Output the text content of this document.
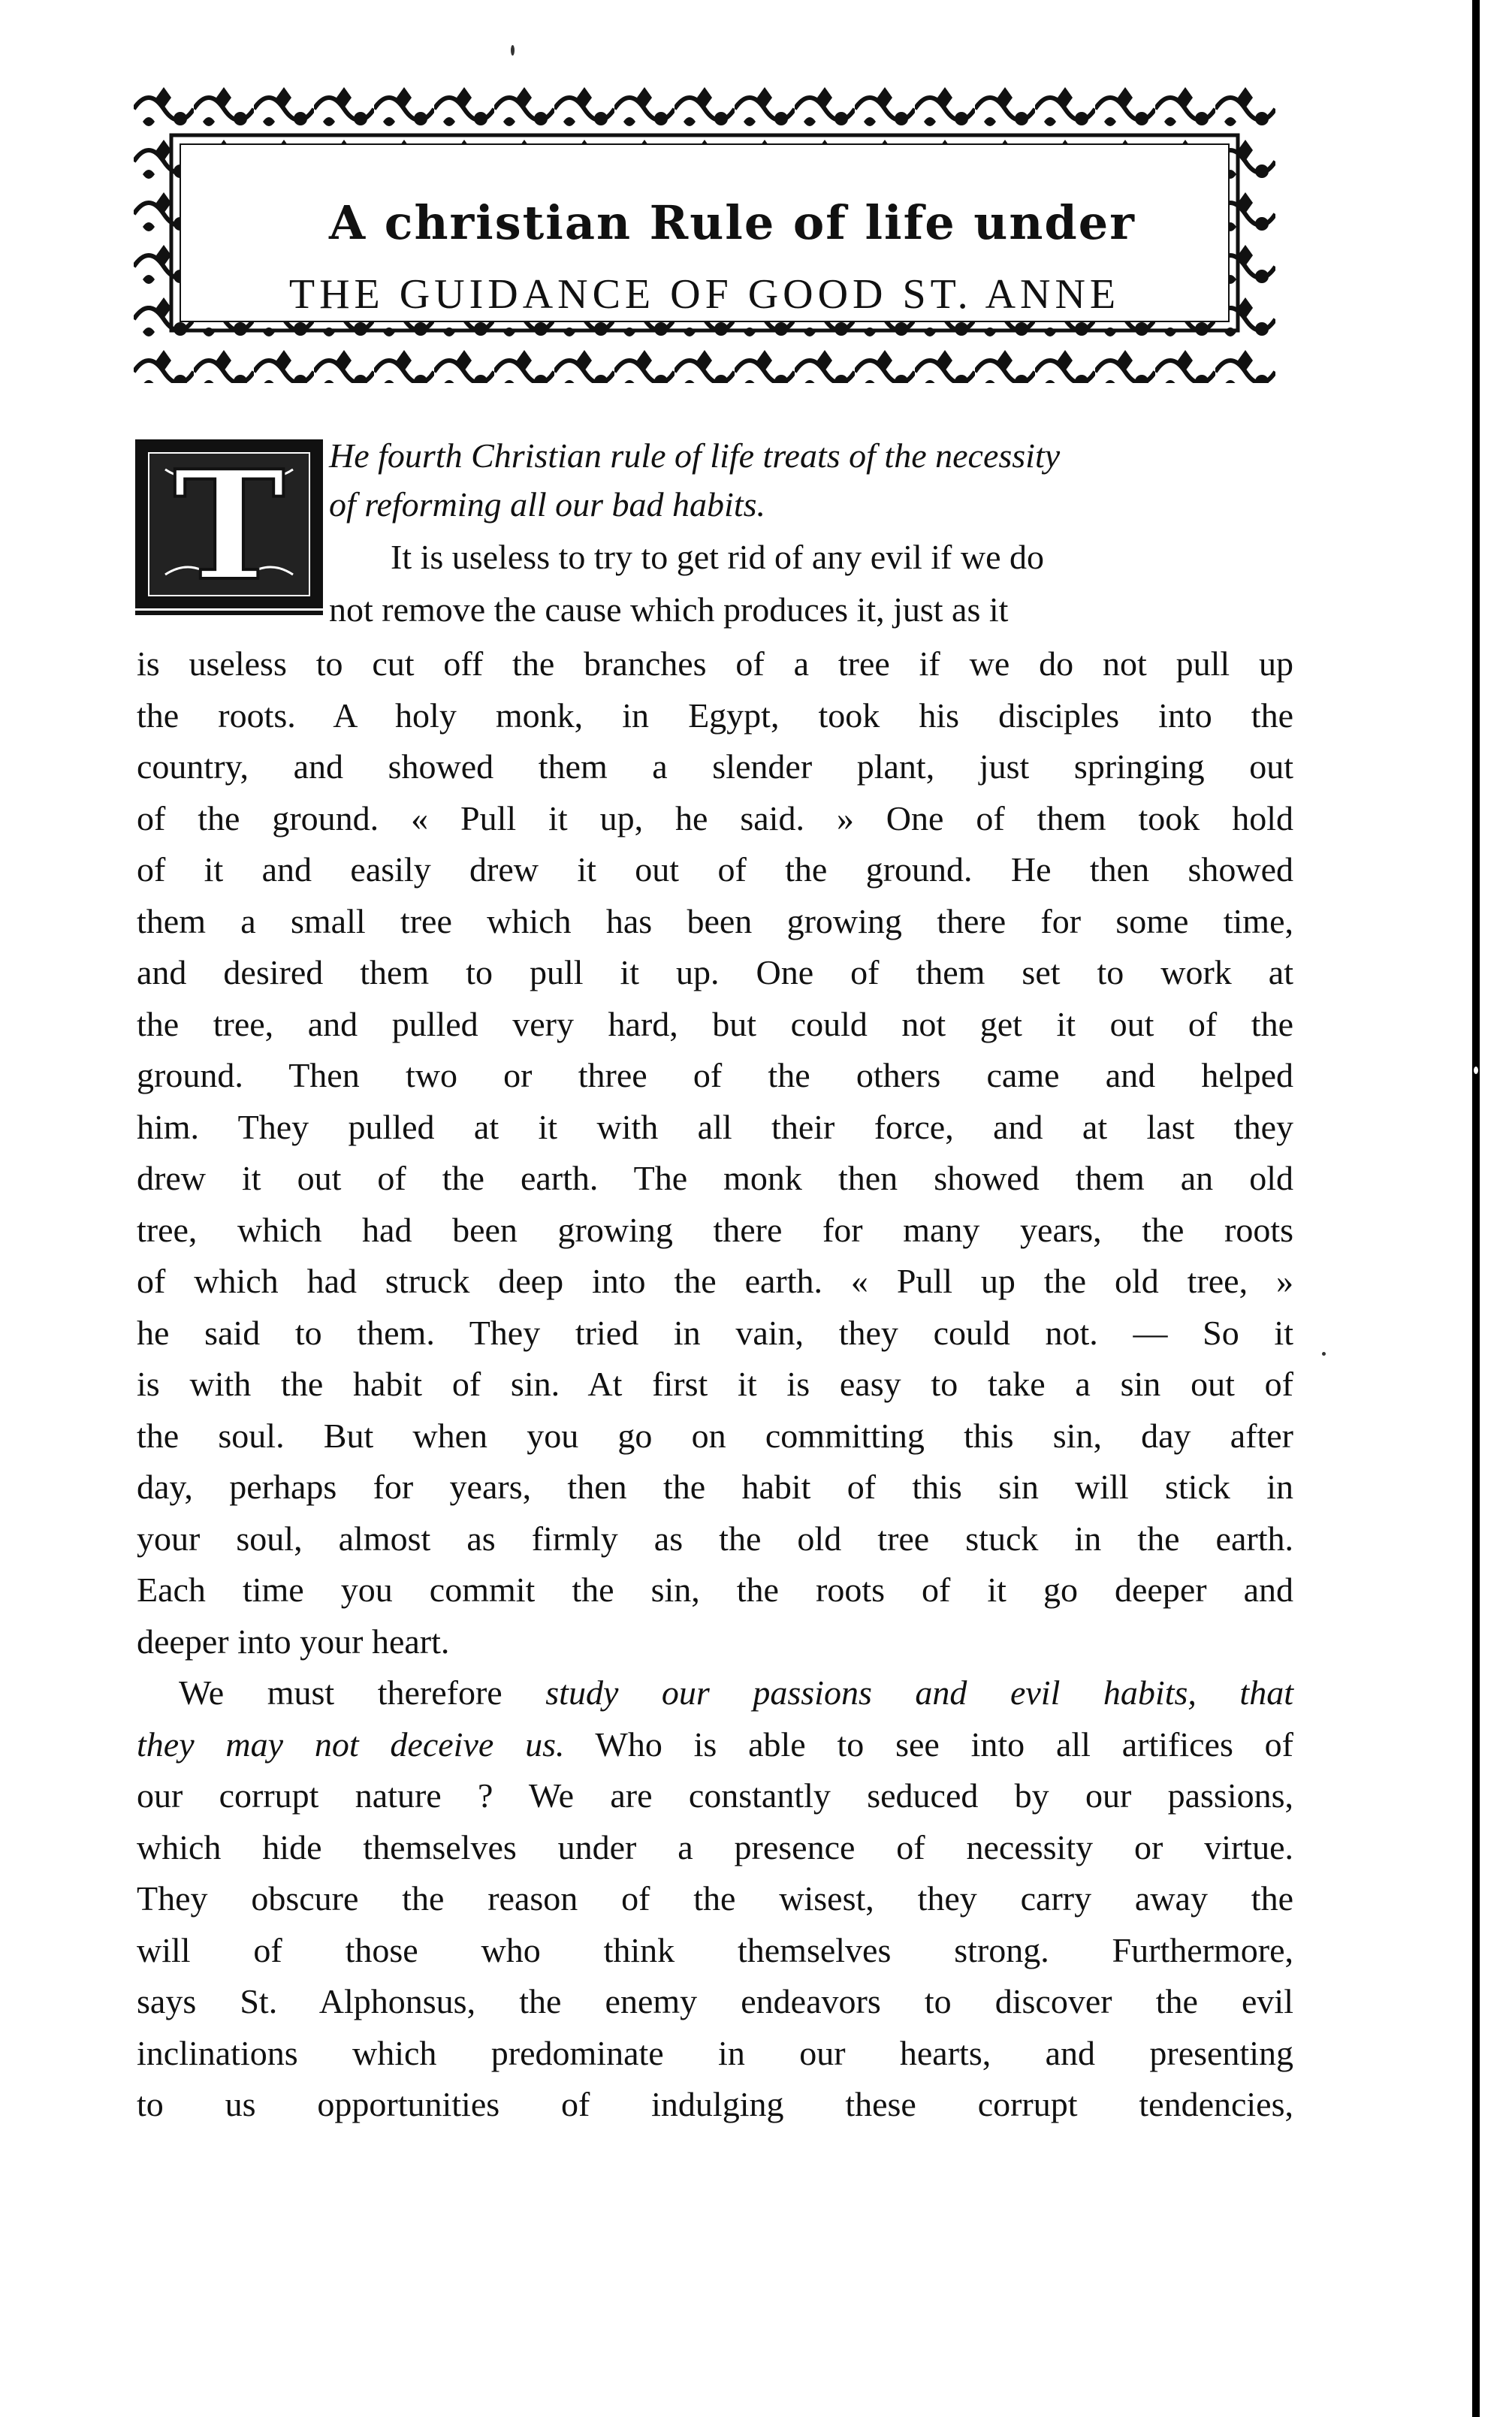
A christian Rule of life under
THE GUIDANCE OF GOOD ST. ANNE
T He fourth Christian rule of life treats of the necessity
of reforming all our bad habits.
It is useless to try to get rid of any evil if we do
not remove the cause which produces it, just as it
is useless to cut off the branches of a tree if we do not pull up
the roots. A holy monk, in Egypt, took his disciples into the
country, and showed them a slender plant, just springing out
of the ground. « Pull it up, he said. » One of them took hold
of it and easily drew it out of the ground. He then showed
them a small tree which has been growing there for some time,
and desired them to pull it up. One of them set to work at
the tree, and pulled very hard, but could not get it out of the
ground. Then two or three of the others came and helped
him. They pulled at it with all their force, and at last they
drew it out of the earth. The monk then showed them an old
tree, which had been growing there for many years, the roots
of which had struck deep into the earth. « Pull up the old tree, »
he said to them. They tried in vain, they could not. — So it
is with the habit of sin. At first it is easy to take a sin out of
the soul. But when you go on committing this sin, day after
day, perhaps for years, then the habit of this sin will stick in
your soul, almost as firmly as the old tree stuck in the earth.
Each time you commit the sin, the roots of it go deeper and
deeper into your heart.
We must therefore study our passions and evil habits, that
they may not deceive us. Who is able to see into all artifices of
our corrupt nature ? We are constantly seduced by our passions,
which hide themselves under a presence of necessity or virtue.
They obscure the reason of the wisest, they carry away the
will of those who think themselves strong. Furthermore,
says St. Alphonsus, the enemy endeavors to discover the evil
inclinations which predominate in our hearts, and presenting
to us opportunities of indulging these corrupt tendencies,
